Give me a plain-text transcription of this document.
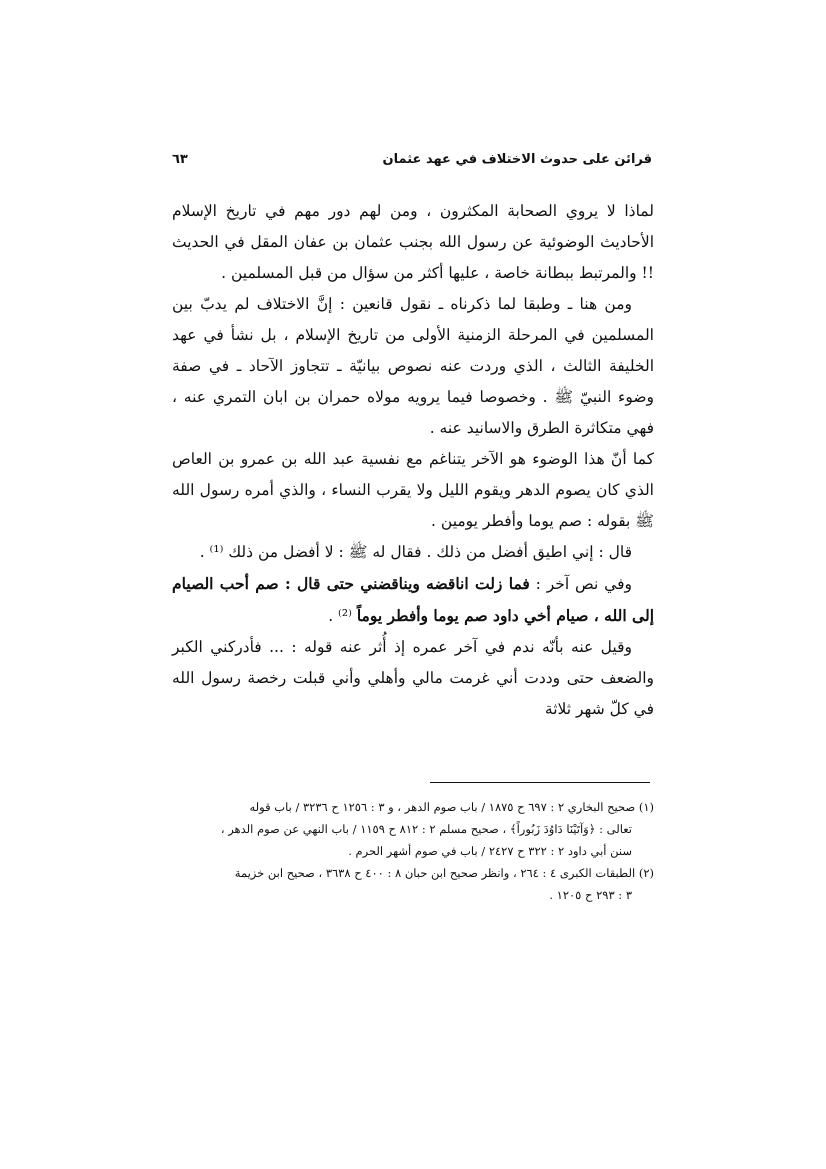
قرائن على حدوث الاختلاف في عهد عثمان
٦٣

لماذا لا يروي الصحابة المكثرون ، ومن لهم دور مهم في تاريخ الإسلام الأحاديث الوضوئية عن رسول الله بجنب عثمان بن عفان المقل في الحديث !! والمرتبط ببطانة خاصة ، عليها أكثر من سؤال من قبل المسلمين .

ومن هنا ـ وطبقا لما ذكرناه ـ نقول قانعين : إنَّ الاختلاف لم يدبّ بين المسلمين في المرحلة الزمنية الأولى من تاريخ الإسلام ، بل نشأ في عهد الخليفة الثالث ، الذي وردت عنه نصوص بيانيّة ـ تتجاوز الآحاد ـ في صفة وضوء النبيّ ﷺ . وخصوصا فيما يرويه مولاه حمران بن ابان التمري عنه ، فهي متكاثرة الطرق والاسانيد عنه .

كما أنّ هذا الوضوء هو الآخر يتناغم مع نفسية عبد الله بن عمرو بن العاص الذي كان يصوم الدهر ويقوم الليل ولا يقرب النساء ، والذي أمره رسول الله ﷺ بقوله : صم يوما وأفطر يومين .

قال : إني اطيق أفضل من ذلك . فقال له ﷺ : لا أفضل من ذلك ⁽¹⁾ .

وفي نص آخر : فما زلت اناقضه ويناقضني حتى قال : صم أحب الصيام إلى الله ، صيام أخي داود صم يوما وأفطر يوماً ⁽²⁾ .

وقيل عنه بأنّه ندم في آخر عمره إذ أُثر عنه قوله : ... فأدركني الكبر والضعف حتى وددت أني غرمت مالي وأهلي وأني قبلت رخصة رسول الله في كلّ شهر ثلاثة

(١) صحيح البخاري ٢ : ٦٩٧ ح ١٨٧٥ / باب صوم الدهر ، و ٣ : ١٢٥٦ ح ٣٢٣٦ / باب قوله

تعالى : ﴿وَآتَيْنَا دَاوُدَ زَبُوراً﴾ ، صحيح مسلم ٢ : ٨١٢ ح ١١٥٩ / باب النهي عن صوم الدهر ،

سنن أبي داود ٢ : ٣٢٢ ح ٢٤٢٧ / باب في صوم أشهر الحرم .

(٢) الطبقات الكبرى ٤ : ٢٦٤ ، وانظر صحيح ابن حبان ٨ : ٤٠٠ ح ٣٦٣٨ ، صحيح ابن خزيمة

٣ : ٢٩٣ ح ١٢٠٥ .
